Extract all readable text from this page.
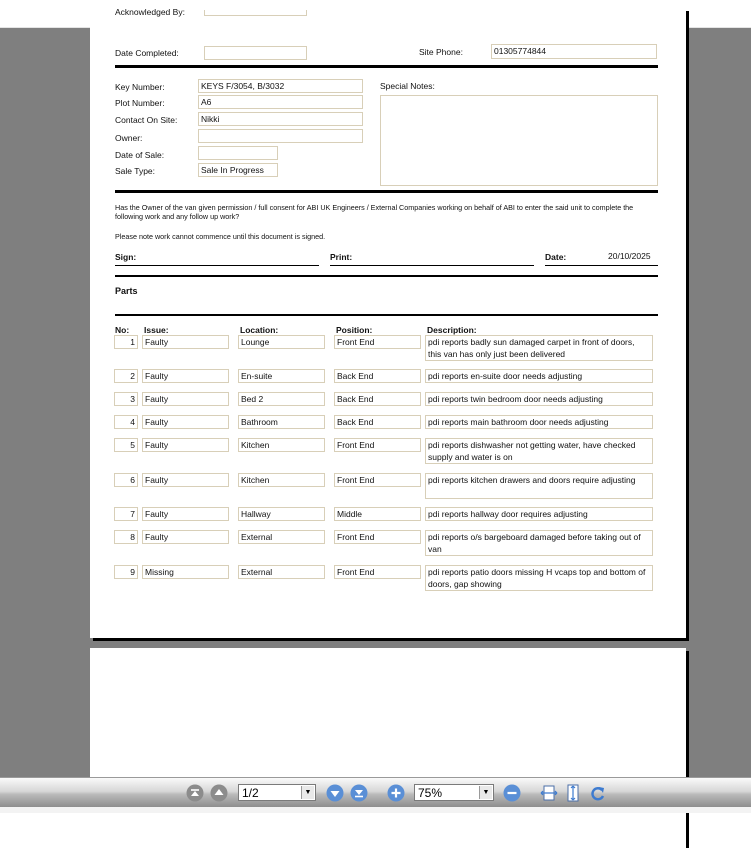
Acknowledged By:
Date Completed:	Site Phone:	01305774844
Key Number:	KEYS F/3054, B/3032
Plot Number:	A6
Contact On Site:	Nikki
Owner:
Date of Sale:
Sale Type:	Sale In Progress
Special Notes:
Has the Owner of the van given permission / full consent for ABI UK Engineers / External Companies working on behalf of ABI to enter the said unit to complete the following work and any follow up work?
Please note work cannot commence until this document is signed.
Sign:	Print:	Date:	20/10/2025
Parts
No: Issue:	Location:	Position:	Description:
1	Faulty	Lounge	Front End	pdi reports badly sun damaged carpet in front of doors, this van has only just been delivered
2	Faulty	En-suite	Back End	pdi reports en-suite door needs adjusting
3	Faulty	Bed 2	Back End	pdi reports twin bedroom door needs adjusting
4	Faulty	Bathroom	Back End	pdi reports main bathroom door needs adjusting
5	Faulty	Kitchen	Front End	pdi reports dishwasher not getting water, have checked supply and water is on
6	Faulty	Kitchen	Front End	pdi reports kitchen drawers and doors require adjusting
7	Faulty	Hallway	Middle	pdi reports hallway door requires adjusting
8	Faulty	External	Front End	pdi reports o/s bargeboard damaged before taking out of van
9	Missing	External	Front End	pdi reports patio doors missing H vcaps top and bottom of doors, gap showing
1/2	▼	75%	▼
